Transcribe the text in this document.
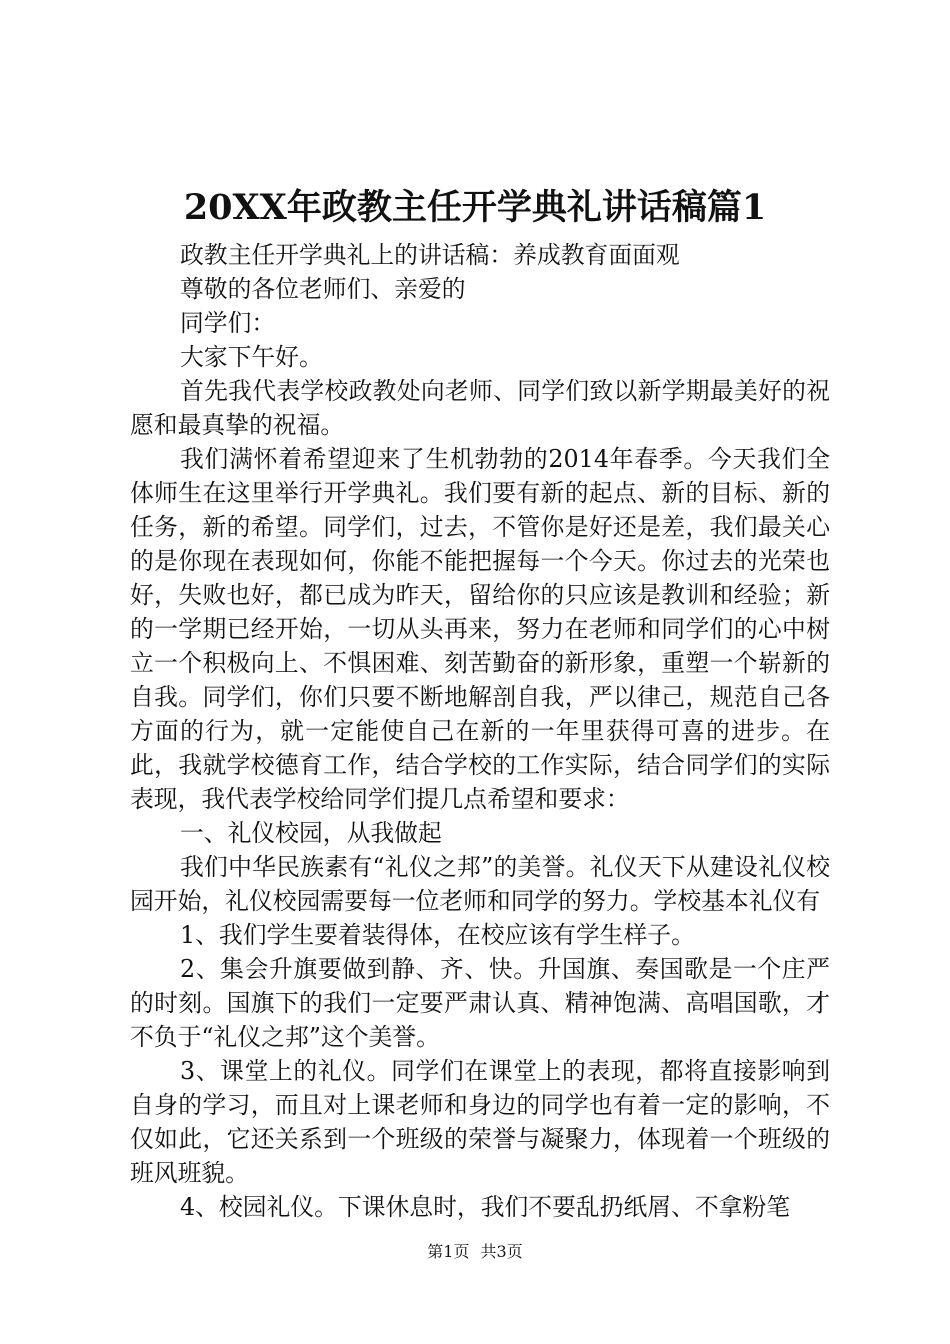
20XX年政教主任开学典礼讲话稿篇1

政教主任开学典礼上的讲话稿：养成教育面面观

尊敬的各位老师们、亲爱的

同学们：

大家下午好。

首先我代表学校政教处向老师、同学们致以新学期最美好的祝愿和最真挚的祝福。

我们满怀着希望迎来了生机勃勃的2014年春季。今天我们全体师生在这里举行开学典礼。我们要有新的起点、新的目标、新的任务，新的希望。同学们，过去，不管你是好还是差，我们最关心的是你现在表现如何，你能不能把握每一个今天。你过去的光荣也好，失败也好，都已成为昨天，留给你的只应该是教训和经验；新的一学期已经开始，一切从头再来，努力在老师和同学们的心中树立一个积极向上、不惧困难、刻苦勤奋的新形象，重塑一个崭新的自我。同学们，你们只要不断地解剖自我，严以律己，规范自己各方面的行为，就一定能使自己在新的一年里获得可喜的进步。在此，我就学校德育工作，结合学校的工作实际，结合同学们的实际表现，我代表学校给同学们提几点希望和要求：

一、礼仪校园，从我做起

我们中华民族素有“礼仪之邦”的美誉。礼仪天下从建设礼仪校园开始，礼仪校园需要每一位老师和同学的努力。学校基本礼仪有

1、我们学生要着装得体，在校应该有学生样子。

2、集会升旗要做到静、齐、快。升国旗、奏国歌是一个庄严的时刻。国旗下的我们一定要严肃认真、精神饱满、高唱国歌，才不负于“礼仪之邦”这个美誉。

3、课堂上的礼仪。同学们在课堂上的表现，都将直接影响到自身的学习，而且对上课老师和身边的同学也有着一定的影响，不仅如此，它还关系到一个班级的荣誉与凝聚力，体现着一个班级的班风班貌。

4、校园礼仪。下课休息时，我们不要乱扔纸屑、不拿粉笔

第1页 共3页
